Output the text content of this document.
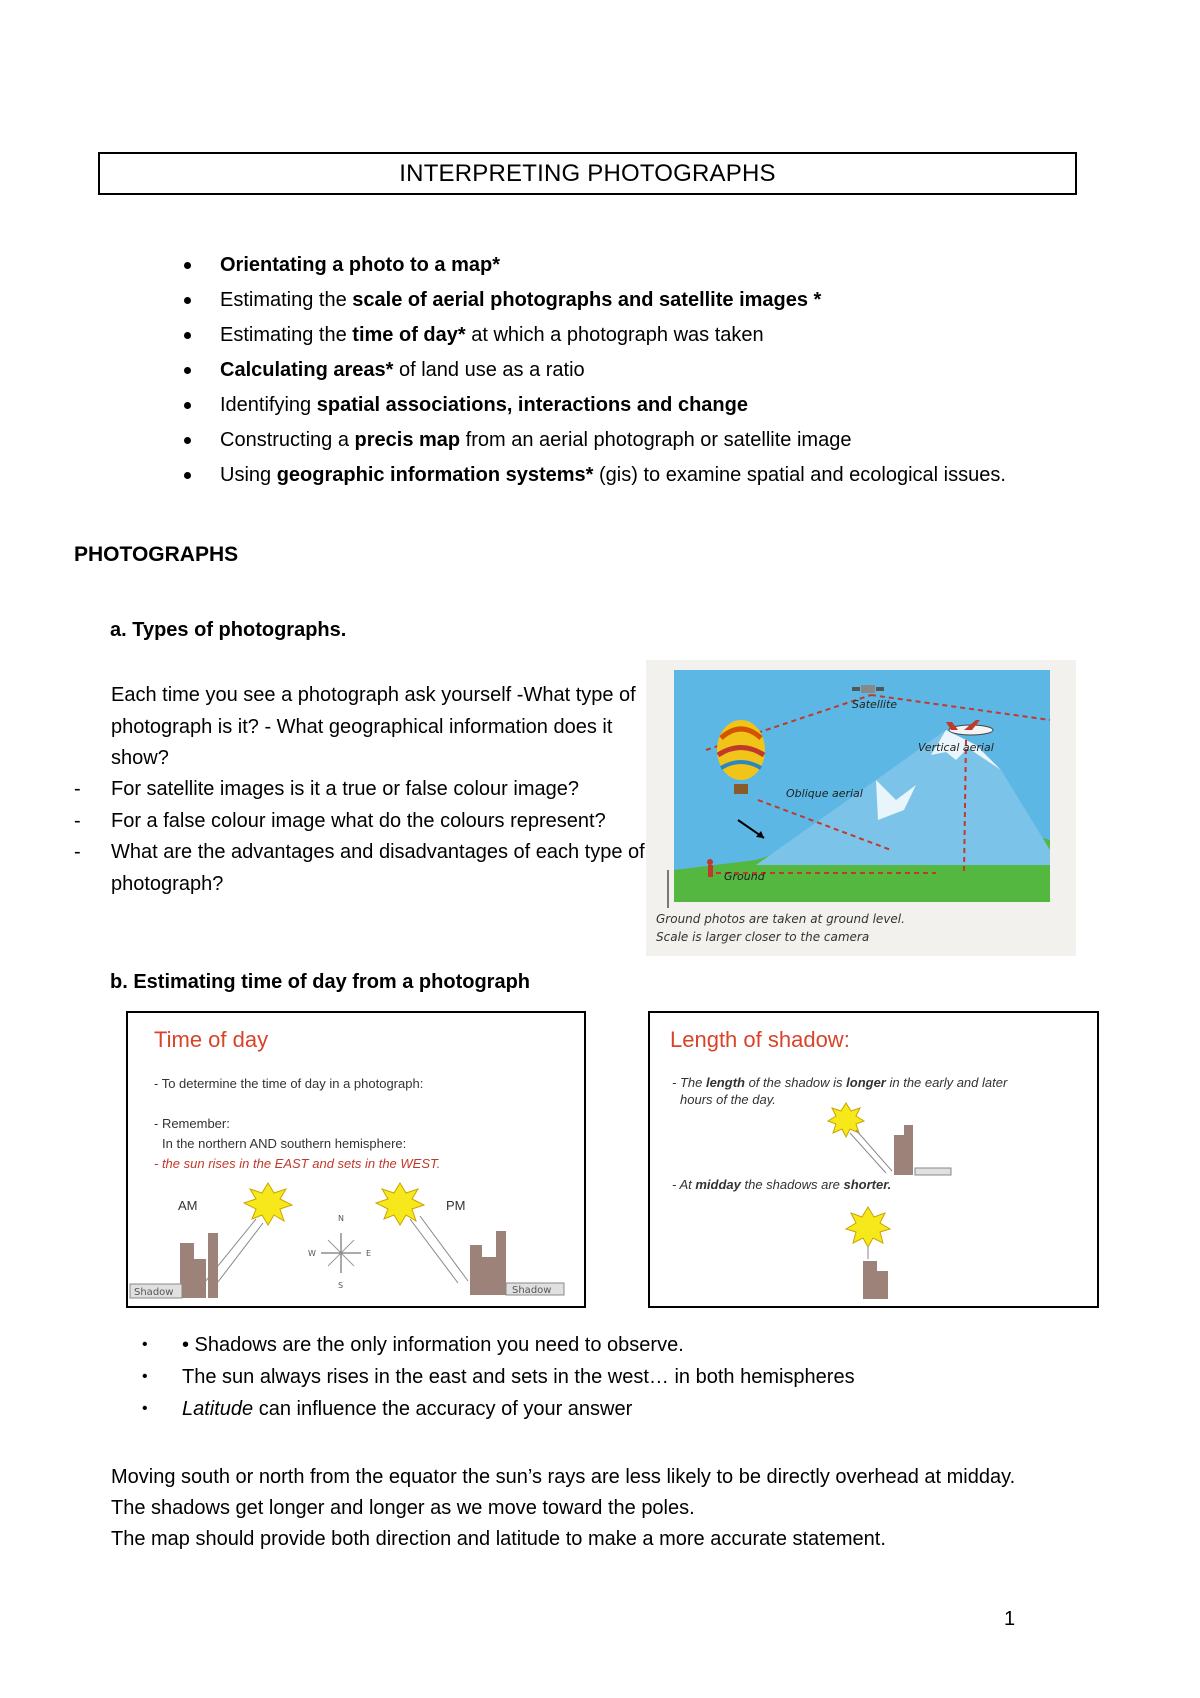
INTERPRETING PHOTOGRAPHS
Orientating a photo to a map*
Estimating the scale of aerial photographs and satellite images *
Estimating the time of day* at which a photograph was taken
Calculating areas* of land use as a ratio
Identifying spatial associations, interactions and change
Constructing a precis map from an aerial photograph or satellite image
Using geographic information systems* (gis) to examine spatial and ecological issues.
PHOTOGRAPHS
a. Types of photographs.
Each time you see a photograph ask yourself -What type of photograph is it? - What geographical information does it show?
- For satellite images is it a true or false colour image?
- For a false colour image what do the colours represent?
- What are the advantages and disadvantages of each type of photograph?
Satellite
Vertical aerial
Oblique aerial
Ground
Ground photos are taken at ground level.
Scale is larger closer to the camera
b. Estimating time of day from a photograph
Time of day
- To determine the time of day in a photograph:
- Remember:
In the northern AND southern hemisphere:
- the sun rises in the EAST and sets in the WEST.
AM	PM
Shadow	Shadow
N
S
E
W
Length of shadow:
- The length of the shadow is longer in the early and later
hours of the day.
- At midday the shadows are shorter.
• • Shadows are the only information you need to observe.
• The sun always rises in the east and sets in the west… in both hemispheres
• Latitude can influence the accuracy of your answer
Moving south or north from the equator the sun’s rays are less likely to be directly overhead at midday.
The shadows get longer and longer as we move toward the poles.
The map should provide both direction and latitude to make a more accurate statement.
1
